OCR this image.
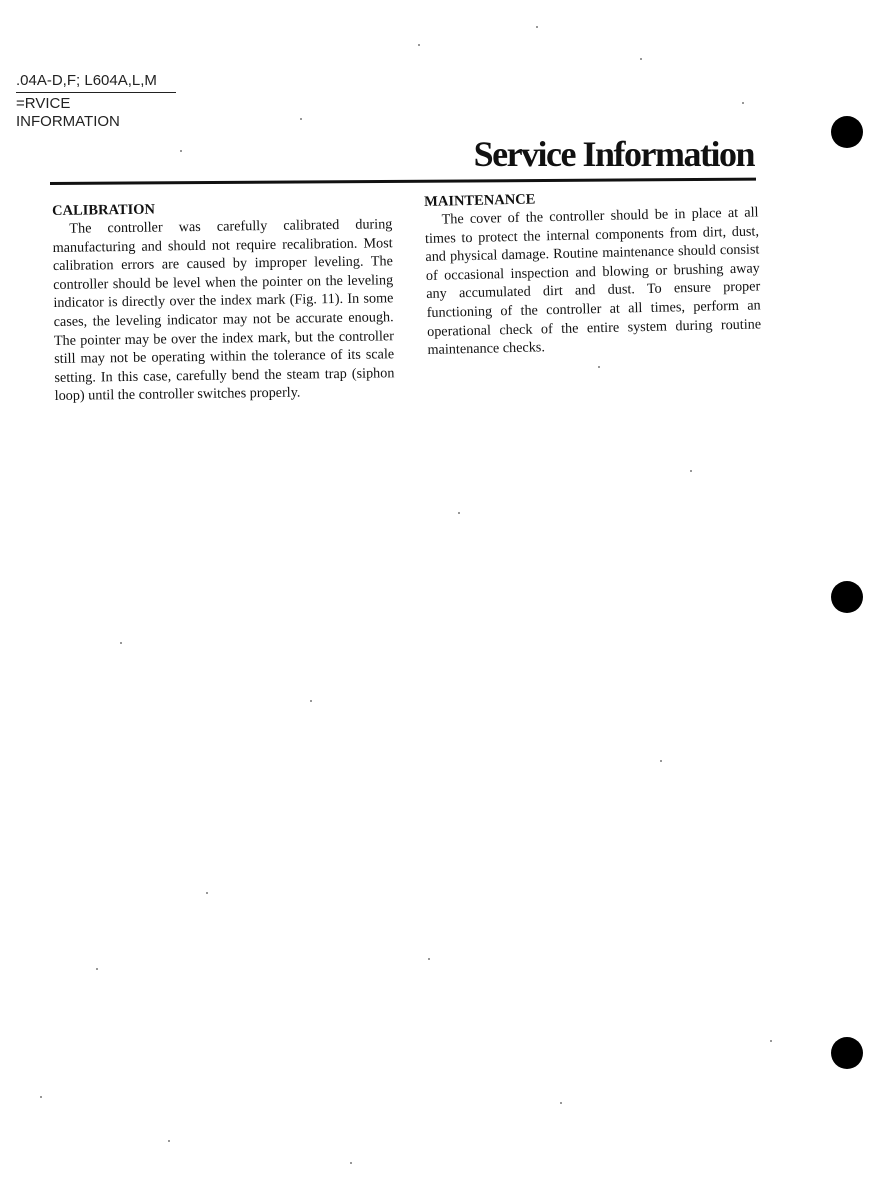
.04A-D,F; L604A,L,M
=RVICE INFORMATION
Service Information

CALIBRATION

The controller was carefully calibrated during manufacturing and should not require recalibration. Most calibration errors are caused by improper leveling. The controller should be level when the pointer on the leveling indicator is directly over the index mark (Fig. 11). In some cases, the leveling indicator may not be accurate enough. The pointer may be over the index mark, but the controller still may not be operating within the tolerance of its scale setting. In this case, carefully bend the steam trap (siphon loop) until the controller switches properly.

MAINTENANCE

The cover of the controller should be in place at all times to protect the internal components from dirt, dust, and physical damage. Routine maintenance should consist of occasional inspection and blowing or brushing away any accumulated dirt and dust. To ensure proper functioning of the controller at all times, perform an operational check of the entire system during routine maintenance checks.
